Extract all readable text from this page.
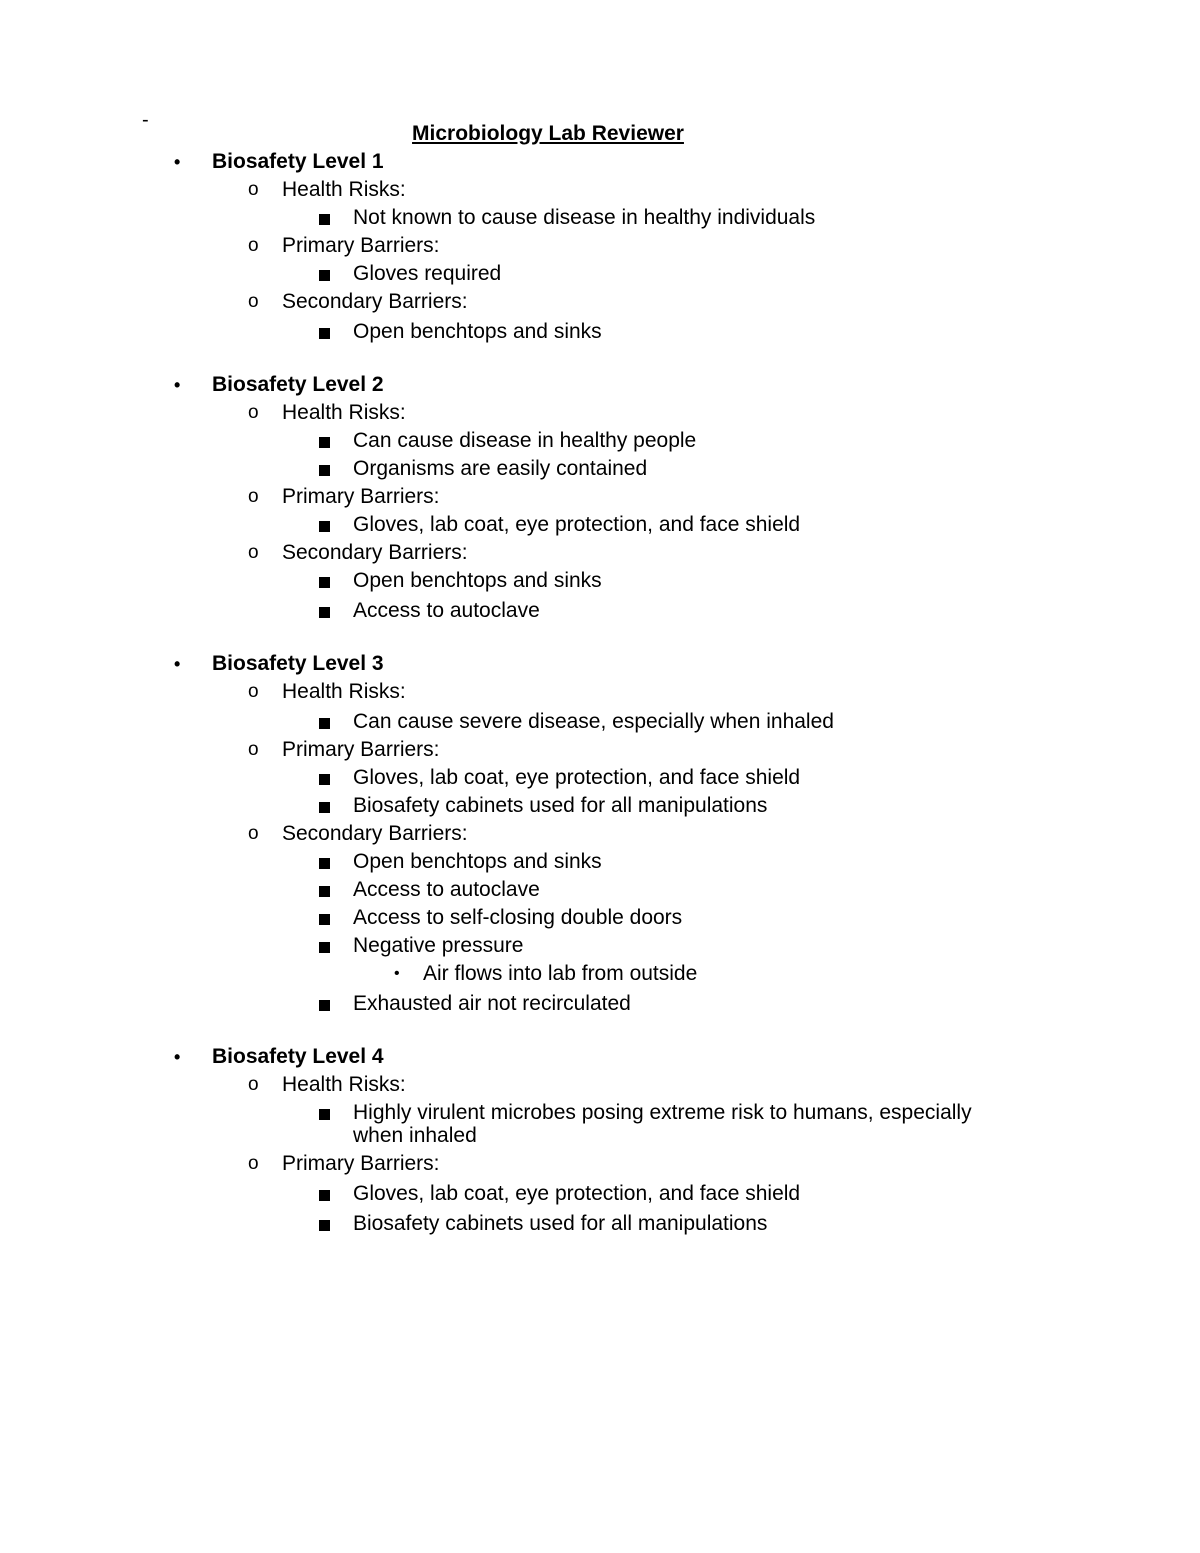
-
Microbiology Lab Reviewer
• Biosafety Level 1
o Health Risks:
Not known to cause disease in healthy individuals
o Primary Barriers:
Gloves required
o Secondary Barriers:
Open benchtops and sinks
• Biosafety Level 2
o Health Risks:
Can cause disease in healthy people
Organisms are easily contained
o Primary Barriers:
Gloves, lab coat, eye protection, and face shield
o Secondary Barriers:
Open benchtops and sinks
Access to autoclave
• Biosafety Level 3
o Health Risks:
Can cause severe disease, especially when inhaled
o Primary Barriers:
Gloves, lab coat, eye protection, and face shield
Biosafety cabinets used for all manipulations
o Secondary Barriers:
Open benchtops and sinks
Access to autoclave
Access to self-closing double doors
Negative pressure
• Air flows into lab from outside
Exhausted air not recirculated
• Biosafety Level 4
o Health Risks:
Highly virulent microbes posing extreme risk to humans, especially when inhaled
o Primary Barriers:
Gloves, lab coat, eye protection, and face shield
Biosafety cabinets used for all manipulations
